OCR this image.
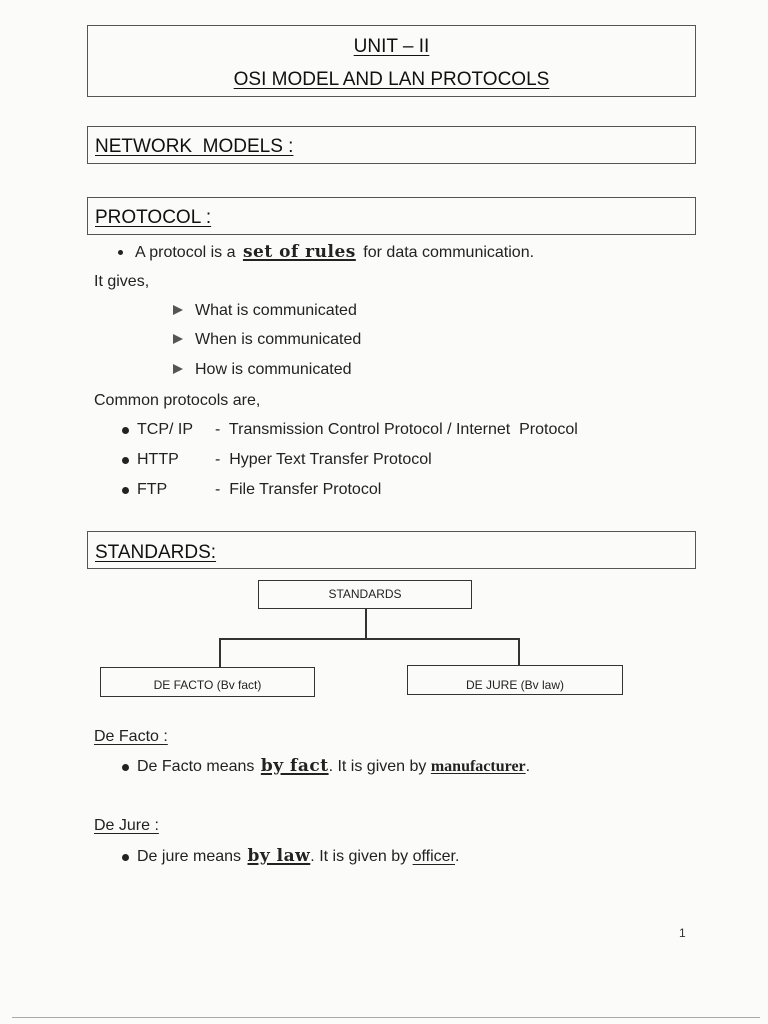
UNIT – II
OSI MODEL AND LAN PROTOCOLS
NETWORK  MODELS :
PROTOCOL :
A protocol is a set of rules for data communication.
It gives,
What is communicated
When is communicated
How is communicated
Common protocols are,
TCP/ IP -  Transmission Control Protocol / Internet  Protocol
HTTP -  Hyper Text Transfer Protocol
FTP	-  File Transfer Protocol
STANDARDS:
STANDARDS
DE FACTO (Bv fact)	DE JURE (Bv law)
De Facto :
De Facto means by fact. It is given by manufacturer.
De Jure :
De jure means by law. It is given by officer.
1
